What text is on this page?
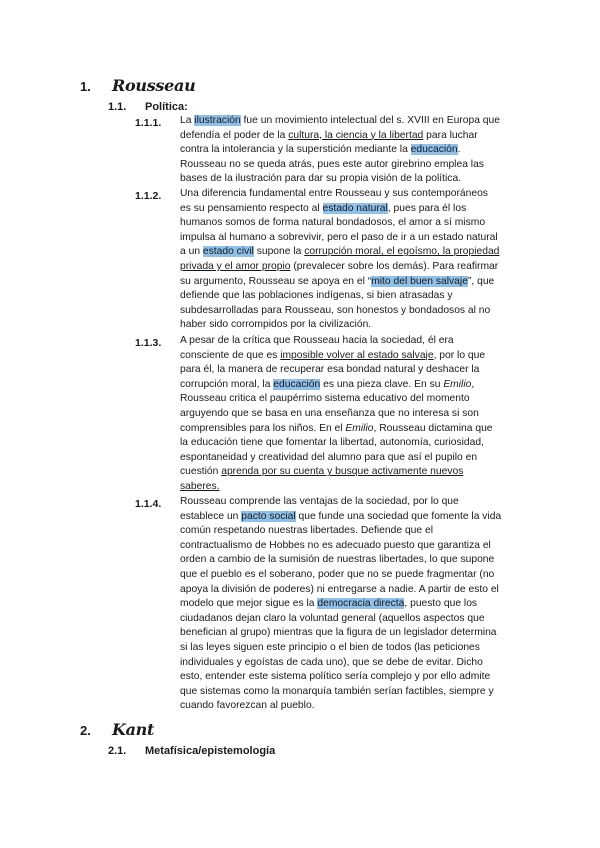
1. Rousseau
1.1. Política:
1.1.1. La ilustración fue un movimiento intelectual del s. XVIII en Europa que
defendía el poder de la cultura, la ciencia y la libertad para luchar
contra la intolerancia y la superstición mediante la educación.
Rousseau no se queda atrás, pues este autor girebrino emplea las
bases de la ilustración para dar su propia visión de la política.
1.1.2. Una diferencia fundamental entre Rousseau y sus contemporáneos
es su pensamiento respecto al estado natural, pues para él los
humanos somos de forma natural bondadosos, el amor a sí mismo
impulsa al humano a sobrevivir, pero el paso de ir a un estado natural
a un estado civil supone la corrupción moral, el egoísmo, la propiedad
privada y el amor propio (prevalecer sobre los demás). Para reafirmar
su argumento, Rousseau se apoya en el “mito del buen salvaje”, que
defiende que las poblaciones indígenas, si bien atrasadas y
subdesarrolladas para Rousseau, son honestos y bondadosos al no
haber sido corrompidos por la civilización.
1.1.3. A pesar de la crítica que Rousseau hacia la sociedad, él era
consciente de que es imposible volver al estado salvaje, por lo que
para él, la manera de recuperar esa bondad natural y deshacer la
corrupción moral, la educación es una pieza clave. En su Emilio,
Rousseau critica el paupérrimo sistema educativo del momento
arguyendo que se basa en una enseñanza que no interesa si son
comprensibles para los niños. En el Emilio, Rousseau dictamina que
la educación tiene que fomentar la libertad, autonomía, curiosidad,
espontaneidad y creatividad del alumno para que así el pupilo en
cuestión aprenda por su cuenta y busque activamente nuevos
saberes.
1.1.4. Rousseau comprende las ventajas de la sociedad, por lo que
establece un pacto social que funde una sociedad que fomente la vida
común respetando nuestras libertades. Defiende que el
contractualismo de Hobbes no es adecuado puesto que garantiza el
orden a cambio de la sumisión de nuestras libertades, lo que supone
que el pueblo es el soberano, poder que no se puede fragmentar (no
apoya la división de poderes) ni entregarse a nadie. A partir de esto el
modelo que mejor sigue es la democracia directa, puesto que los
ciudadanos dejan claro la voluntad general (aquellos aspectos que
benefician al grupo) mientras que la figura de un legislador determina
si las leyes siguen este principio o el bien de todos (las peticiones
individuales y egoístas de cada uno), que se debe de evitar. Dicho
esto, entender este sistema político sería complejo y por ello admite
que sistemas como la monarquía también serían factibles, siempre y
cuando favorezcan al pueblo.
2. Kant
2.1. Metafísica/epistemología
